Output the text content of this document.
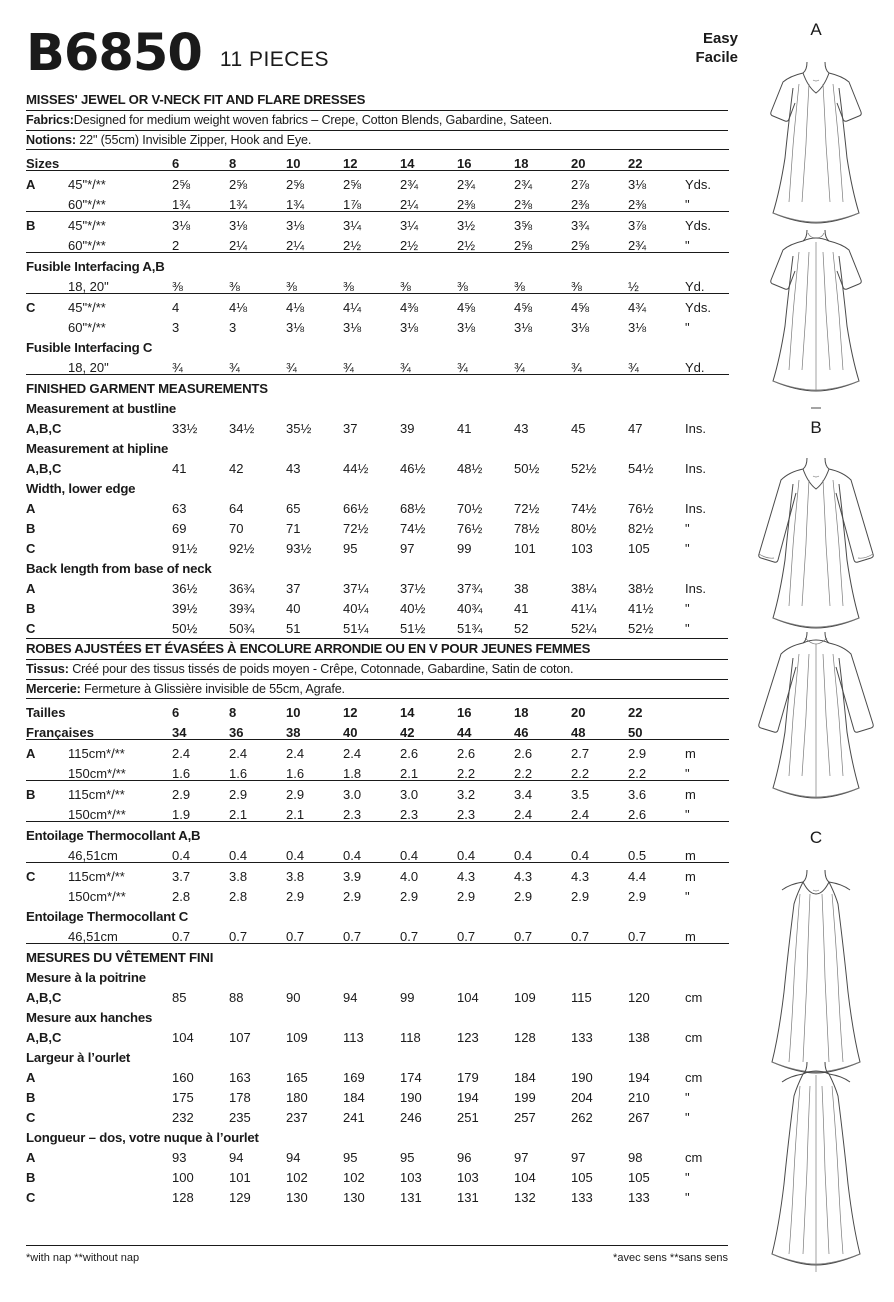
B6850 11 PIECES
MISSES' JEWEL OR V-NECK FIT AND FLARE DRESSES
Fabrics:Designed for medium weight woven fabrics – Crepe, Cotton Blends, Gabardine, Sateen.
Notions: 22" (55cm) Invisible Zipper, Hook and Eye.
Sizes		6	8	10	12	14	16	18	20	22	
A	45"*/**	2⅝	2⅝	2⅝	2⅝	2¾	2¾	2¾	2⅞	3⅛	Yds.
	60"*/**	1¾	1¾	1¾	1⅞	2¼	2⅜	2⅜	2⅜	2⅜	"
B	45"*/**	3⅛	3⅛	3⅛	3¼	3¼	3½	3⅝	3¾	3⅞	Yds.
	60"*/**	2	2¼	2¼	2½	2½	2½	2⅝	2⅝	2¾	"
Fusible Interfacing A,B											
	18, 20"	⅜	⅜	⅜	⅜	⅜	⅜	⅜	⅜	½	Yd.
C	45"*/**	4	4⅛	4⅛	4¼	4⅜	4⅝	4⅝	4⅝	4¾	Yds.
	60"*/**	3	3	3⅛	3⅛	3⅛	3⅛	3⅛	3⅛	3⅛	"
Fusible Interfacing C											
	18, 20"	¾	¾	¾	¾	¾	¾	¾	¾	¾	Yd.
FINISHED GARMENT MEASUREMENTS											
Measurement at bustline											
A,B,C		33½	34½	35½	37	39	41	43	45	47	Ins.
Measurement at hipline											
A,B,C		41	42	43	44½	46½	48½	50½	52½	54½	Ins.
Width, lower edge											
A		63	64	65	66½	68½	70½	72½	74½	76½	Ins.
B		69	70	71	72½	74½	76½	78½	80½	82½	"
C		91½	92½	93½	95	97	99	101	103	105	"
Back length from base of neck											
A		36½	36¾	37	37¼	37½	37¾	38	38¼	38½	Ins.
B		39½	39¾	40	40¼	40½	40¾	41	41¼	41½	"
C		50½	50¾	51	51¼	51½	51¾	52	52¼	52½	"
ROBES AJUSTÉES ET ÉVASÉES À ENCOLURE ARRONDIE OU EN V POUR JEUNES FEMMES
Tissus: Créé pour des tissus tissés de poids moyen - Crêpe, Cotonnade, Gabardine, Satin de coton.
Mercerie: Fermeture à Glissière invisible de 55cm, Agrafe.
Tailles		6	8	10	12	14	16	18	20	22	
Françaises		34	36	38	40	42	44	46	48	50	
A	115cm*/**	2.4	2.4	2.4	2.4	2.6	2.6	2.6	2.7	2.9	m
	150cm*/**	1.6	1.6	1.6	1.8	2.1	2.2	2.2	2.2	2.2	"
B	115cm*/**	2.9	2.9	2.9	3.0	3.0	3.2	3.4	3.5	3.6	m
	150cm*/**	1.9	2.1	2.1	2.3	2.3	2.3	2.4	2.4	2.6	"
Entoilage Thermocollant A,B											
	46,51cm	0.4	0.4	0.4	0.4	0.4	0.4	0.4	0.4	0.5	m
C	115cm*/**	3.7	3.8	3.8	3.9	4.0	4.3	4.3	4.3	4.4	m
	150cm*/**	2.8	2.8	2.9	2.9	2.9	2.9	2.9	2.9	2.9	"
Entoilage Thermocollant C											
	46,51cm	0.7	0.7	0.7	0.7	0.7	0.7	0.7	0.7	0.7	m
MESURES DU VÊTEMENT FINI											
Mesure à la poitrine											
A,B,C		85	88	90	94	99	104	109	115	120	cm
Mesure aux hanches											
A,B,C		104	107	109	113	118	123	128	133	138	cm
Largeur à l’ourlet											
A		160	163	165	169	174	179	184	190	194	cm
B		175	178	180	184	190	194	199	204	210	"
C		232	235	237	241	246	251	257	262	267	"
Longueur – dos, votre nuque à l’ourlet											
A		93	94	94	95	95	96	97	97	98	cm
B		100	101	102	102	103	103	104	105	105	"
C		128	129	130	130	131	131	132	133	133	"
Easy
Facile
*with nap **without nap	*avec sens **sans sens
A
B
C
